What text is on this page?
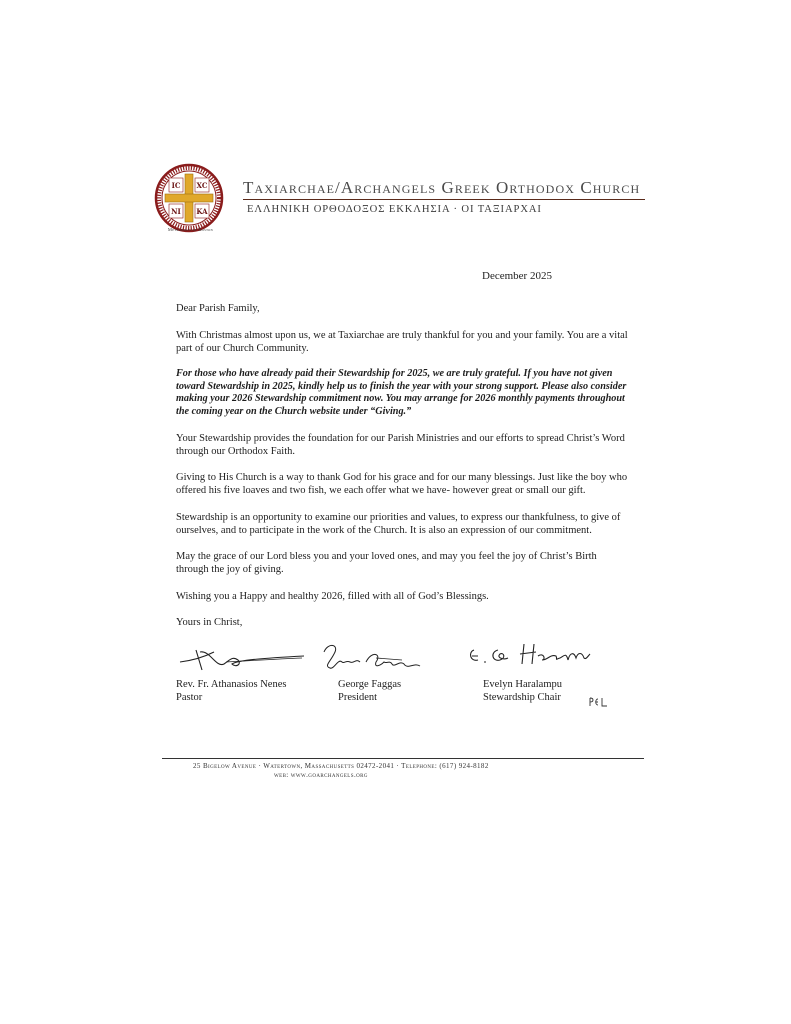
IC XC
NI KA
Metropolis of Boston
Taxiarchae/Archangels Greek Orthodox Church
ΕΛΛΗΝΙΚΗ ΟΡΘΟΔΟΞΟΣ ΕΚΚΛΗΣΙΑ · ΟΙ ΤΑΞΙΑΡΧΑΙ
December 2025

Dear Parish Family,

With Christmas almost upon us, we at Taxiarchae are truly thankful for you and your family. You are a vital part of our Church Community.

For those who have already paid their Stewardship for 2025, we are truly grateful. If you have not given toward Stewardship in 2025, kindly help us to finish the year with your strong support. Please also consider making your 2026 Stewardship commitment now. You may arrange for 2026 monthly payments throughout the coming year on the Church website under “Giving.”

Your Stewardship provides the foundation for our Parish Ministries and our efforts to spread Christ’s Word through our Orthodox Faith.

Giving to His Church is a way to thank God for his grace and for our many blessings. Just like the boy who offered his five loaves and two fish, we each offer what we have- however great or small our gift.

Stewardship is an opportunity to examine our priorities and values, to express our thankfulness, to give of ourselves, and to participate in the work of the Church. It is also an expression of our commitment.

May the grace of our Lord bless you and your loved ones, and may you feel the joy of Christ’s Birth through the joy of giving.

Wishing you a Happy and healthy 2026, filled with all of God’s Blessings.

Yours in Christ,

Rev. Fr. Athanasios Nenes
Pastor
George Faggas
President
Evelyn Haralampu
Stewardship Chair
25 Bigelow Avenue · Watertown, Massachusetts 02472-2041 · Telephone: (617) 924-8182
web: www.goarchangels.org
